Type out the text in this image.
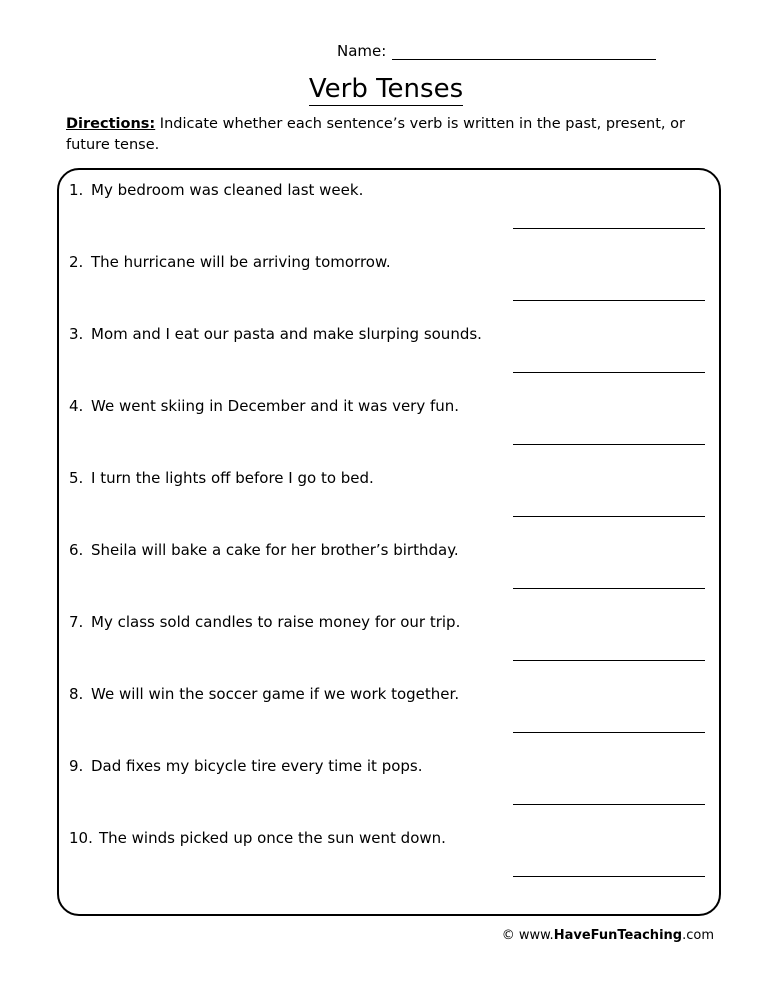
Name:
Verb Tenses
Directions: Indicate whether each sentence’s verb is written in the past, present, or future tense.
1. My bedroom was cleaned last week.
2. The hurricane will be arriving tomorrow.
3. Mom and I eat our pasta and make slurping sounds.
4. We went skiing in December and it was very fun.
5. I turn the lights off before I go to bed.
6. Sheila will bake a cake for her brother’s birthday.
7. My class sold candles to raise money for our trip.
8. We will win the soccer game if we work together.
9. Dad fixes my bicycle tire every time it pops.
10. The winds picked up once the sun went down.
© www.HaveFunTeaching.com
